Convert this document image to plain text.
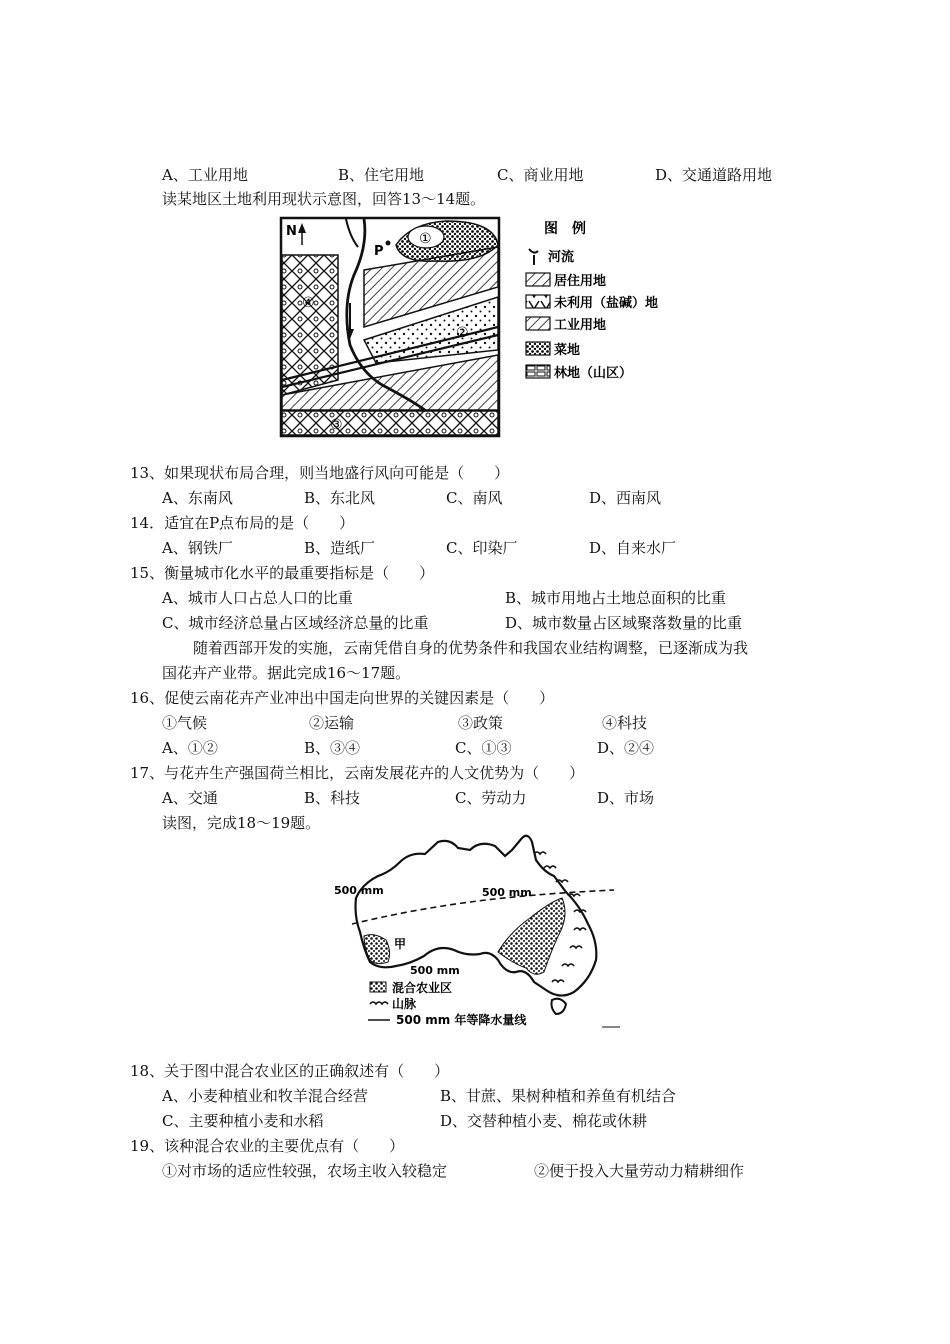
A、工业用地	B、住宅用地	C、商业用地	D、交通道路用地
读某地区土地利用现状示意图，回答13～14题。
N
P
①
②
③
④
图　例
河流
居住用地
未利用（盐碱）地
工业用地
菜地
林地（山区）
13、如果现状布局合理，则当地盛行风向可能是（　　）
A、东南风	B、东北风	C、南风	D、西南风
14．适宜在P点布局的是（　　）
A、钢铁厂	B、造纸厂	C、印染厂	D、自来水厂
15、衡量城市化水平的最重要指标是（　　）
A、城市人口占总人口的比重	B、城市用地占土地总面积的比重
C、城市经济总量占区域经济总量的比重	D、城市数量占区域聚落数量的比重
随着西部开发的实施，云南凭借自身的优势条件和我国农业结构调整，已逐渐成为我
国花卉产业带。据此完成16～17题。
16、促使云南花卉产业冲出中国走向世界的关键因素是（　　）
①气候	②运输	③政策	④科技
A、①②	B、③④	C、①③	D、②④
17、与花卉生产强国荷兰相比，云南发展花卉的人文优势为（　　）
A、交通	B、科技	C、劳动力	D、市场
读图，完成18～19题。
500 mm	500 mm
500 mm
甲
混合农业区
山脉
500 mm 年等降水量线
18、关于图中混合农业区的正确叙述有（　　）
A、小麦种植业和牧羊混合经营	B、甘蔗、果树种植和养鱼有机结合
C、主要种植小麦和水稻	D、交替种植小麦、棉花或休耕
19、该种混合农业的主要优点有（　　）
①对市场的适应性较强，农场主收入较稳定	②便于投入大量劳动力精耕细作
